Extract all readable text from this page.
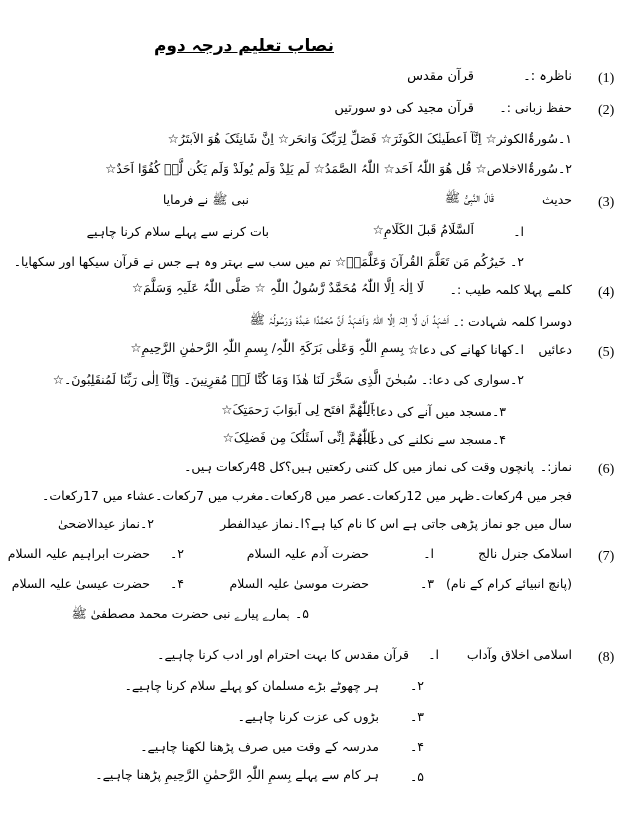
نصاب تعلیم درجہ دوم
(1)
ناظرہ :۔
قرآن مقدس
(2)
حفظ زبانی :۔
قرآن مجید کی دو سورتیں
۱۔سُورۃُالکوثر☆ اِنَّآ اَعطَینٰکَ الکَوثَرَ☆ فَصَلِّ لِرَبِّکَ وَانحَر☆ اِنَّ شَانِئَکَ ھُوَ الاَبتَرُ☆
۲۔سُورۃُالاخلاص☆ قُل ھُوَ اللّٰہُ اَحَد☆ اللّٰہُ الصَّمَدُ☆ لَم یَلِدْ وَلَم یُولَدْ وَلَم یَکُن لَّہٗ کُفُوًا اَحَدٌ☆
(3)
حدیث
قَالَ النَّبِیُّ ﷺ
نبی ﷺ نے فرمایا
ا۔
اَلسَّلَامُ قَبلَ الکَلَامِ☆
بات کرنے سے پہلے سلام کرنا چاہیے
۲۔ خَیرُکُم مَن تَعَلَّمَ القُرآنَ وَعَلَّمَہٗ☆ تم میں سب سے بہتر وہ ہے جس نے قرآن سیکھا اور سکھایا۔
(4)
کلمے
پہلا کلمہ طیب :۔
لَا اِلٰہَ اِلَّا اللّٰہُ مُحَمَّدٌ رَّسُولُ اللّٰہِ ☆ صَلَّی اللّٰہُ عَلَیہِ وَسَلَّمَ☆
دوسرا کلمہ شہادت :۔
اَشہَدُ اَن لَّا اِلٰہَ اِلَّا اللّٰہُ وَاَشہَدُ اَنَّ مُحَمَّدًا عَبدُہٗ وَرَسُولُہٗ ﷺ
(5)
دعائیں
ا۔کھانا کھانے کی دعا☆
بِسمِ اللّٰہِ وَعَلٰی بَرَکَۃِ اللّٰہِ/ بِسمِ اللّٰہِ الرَّحمٰنِ الرَّحِیمِ☆
۲۔سواری کی دعا:۔ سُبحٰنَ الَّذِی سَخَّرَ لَنَا ھٰذَا وَمَا کُنَّا لَہٗ مُقرِنِینَ۔ وَاِنَّآ اِلٰی رَبِّنَا لَمُنقَلِبُونَ۔☆
۳۔مسجد میں آنے کی دعا:۔
اَللّٰھُمَّ افتَح لِی اَبوَابَ رَحمَتِکَ☆
۴۔مسجد سے نکلنے کی دعا:۔
اَللّٰھُمَّ اِنِّی اَسئَلُکَ مِن فَضلِکَ☆
(6)
نماز:۔
پانچوں وقت کی نماز میں کل کتنی رکعتیں ہیں؟کل 48رکعات ہیں۔
فجر میں 4رکعات۔ظہر میں 12رکعات۔عصر میں 8رکعات۔مغرب میں 7رکعات۔عشاء میں 17رکعات۔
سال میں جو نماز پڑھی جاتی ہے اس کا نام کیا ہے؟
ا۔نماز عیدالفطر
۲۔نماز عیدالاضحیٰ
(7)
اسلامک جنرل نالج
(پانچ انبیائے کرام کے نام)
ا۔
حضرت آدم علیہ السلام
۲۔
حضرت ابراہیم علیہ السلام
۳۔
حضرت موسیٰ علیہ السلام
۴۔
حضرت عیسیٰ علیہ السلام
۵۔
ہمارے پیارے نبی حضرت محمد مصطفیٰ ﷺ
(8)
اسلامی اخلاق وآداب
ا۔
قرآن مقدس کا بہت احترام اور ادب کرنا چاہیے۔
۲۔
ہر چھوٹے بڑے مسلمان کو پہلے سلام کرنا چاہیے۔
۳۔
بڑوں کی عزت کرنا چاہیے۔
۴۔
مدرسہ کے وقت میں صرف پڑھنا لکھنا چاہیے۔
۵۔
ہر کام سے پہلے بِسمِ اللّٰہِ الرَّحمٰنِ الرَّحِیمِ پڑھنا چاہیے۔
